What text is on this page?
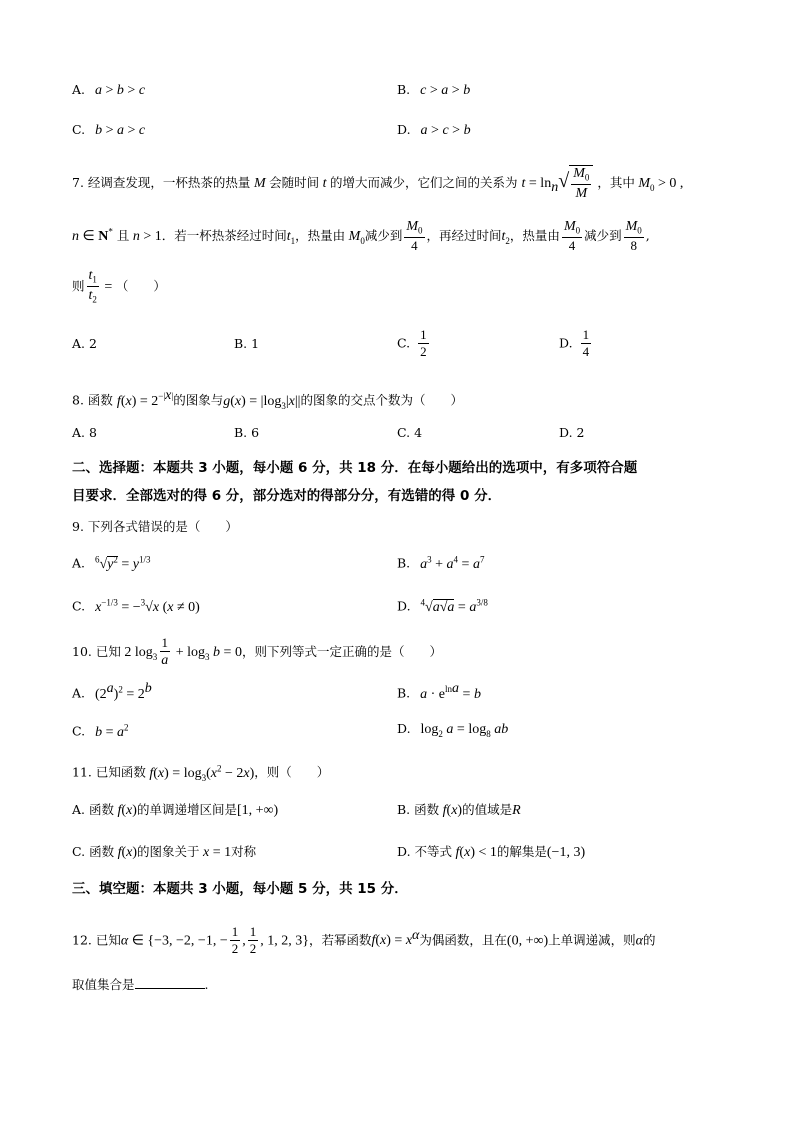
A. a > b > c	B. c > a > b
C. b > a > c	D. a > c > b
7. 经调查发现，一杯热茶的热量 M 会随时间 t 的增大而减少，它们之间的关系为 $t = \ln_n√ \frac{M_0}{M}$ ，其中 $M_0 > 0$ ,
n ∈ N* 且 n > 1．若一杯热茶经过时间$t_1$，热量由 $M_0$减少到 $\frac{M_0}{4}$ ，再经过时间$t_2$，热量由 $\frac{M_0}{4}$ 减少到 $\frac{M_0}{8}$ ,
则 $\frac{t_1}{t_2}$ = （　　）
A. 2	B. 1	C. $\frac{1}{2}$	D. $\frac{1}{4}$
8. 函数 $f(x) = 2^{-|x|}$的图象与$g(x) = |\log_3|x||$的图象的交点个数为（　　）
A. 8	B. 6	C. 4	D. 2
二、选择题：本题共 3 小题，每小题 6 分，共 18 分．在每小题给出的选项中，有多项符合题
目要求．全部选对的得 6 分，部分选对的得部分分，有选错的得 0 分．
9. 下列各式错误的是（　　）
A. $^6√y^2 = y^{1/3}$	B. $a^3 + a^4 = a^7$
C. $x^{-1/3} = -^3√x$ (x ≠ 0)	D. $^4√a√a = a^{3/8}$
10. 已知 2 $\log_3 \frac{1}{a} + \log_3 b = 0$，则下列等式一定正确的是（　　）
A. $(2^a)^2 = 2^b$	B. $a \cdot e^{lna} = b$
C. $b = a^2$	D. $\log_2 a = \log_8$ ab
11. 已知函数 $f(x) = \log_3(x^2 - 2x)$，则（　　）
A. 函数 f(x)的单调递增区间是[1, +∞)	B. 函数 f(x)的值域是R
C. 函数 f(x)的图象关于 x = 1对称	D. 不等式 f(x) < 1的解集是(−1, 3)
三、填空题：本题共 3 小题，每小题 5 分，共 15 分．
12. 已知α ∈ {−3, −2, −1, − $\frac{1}{2}$ , $\frac{1}{2}$ , 1, 2, 3}，若幂函数$f(x) = x^\alpha$为偶函数，且在(0, +∞)上单调递减，则α的
取值集合是	.
